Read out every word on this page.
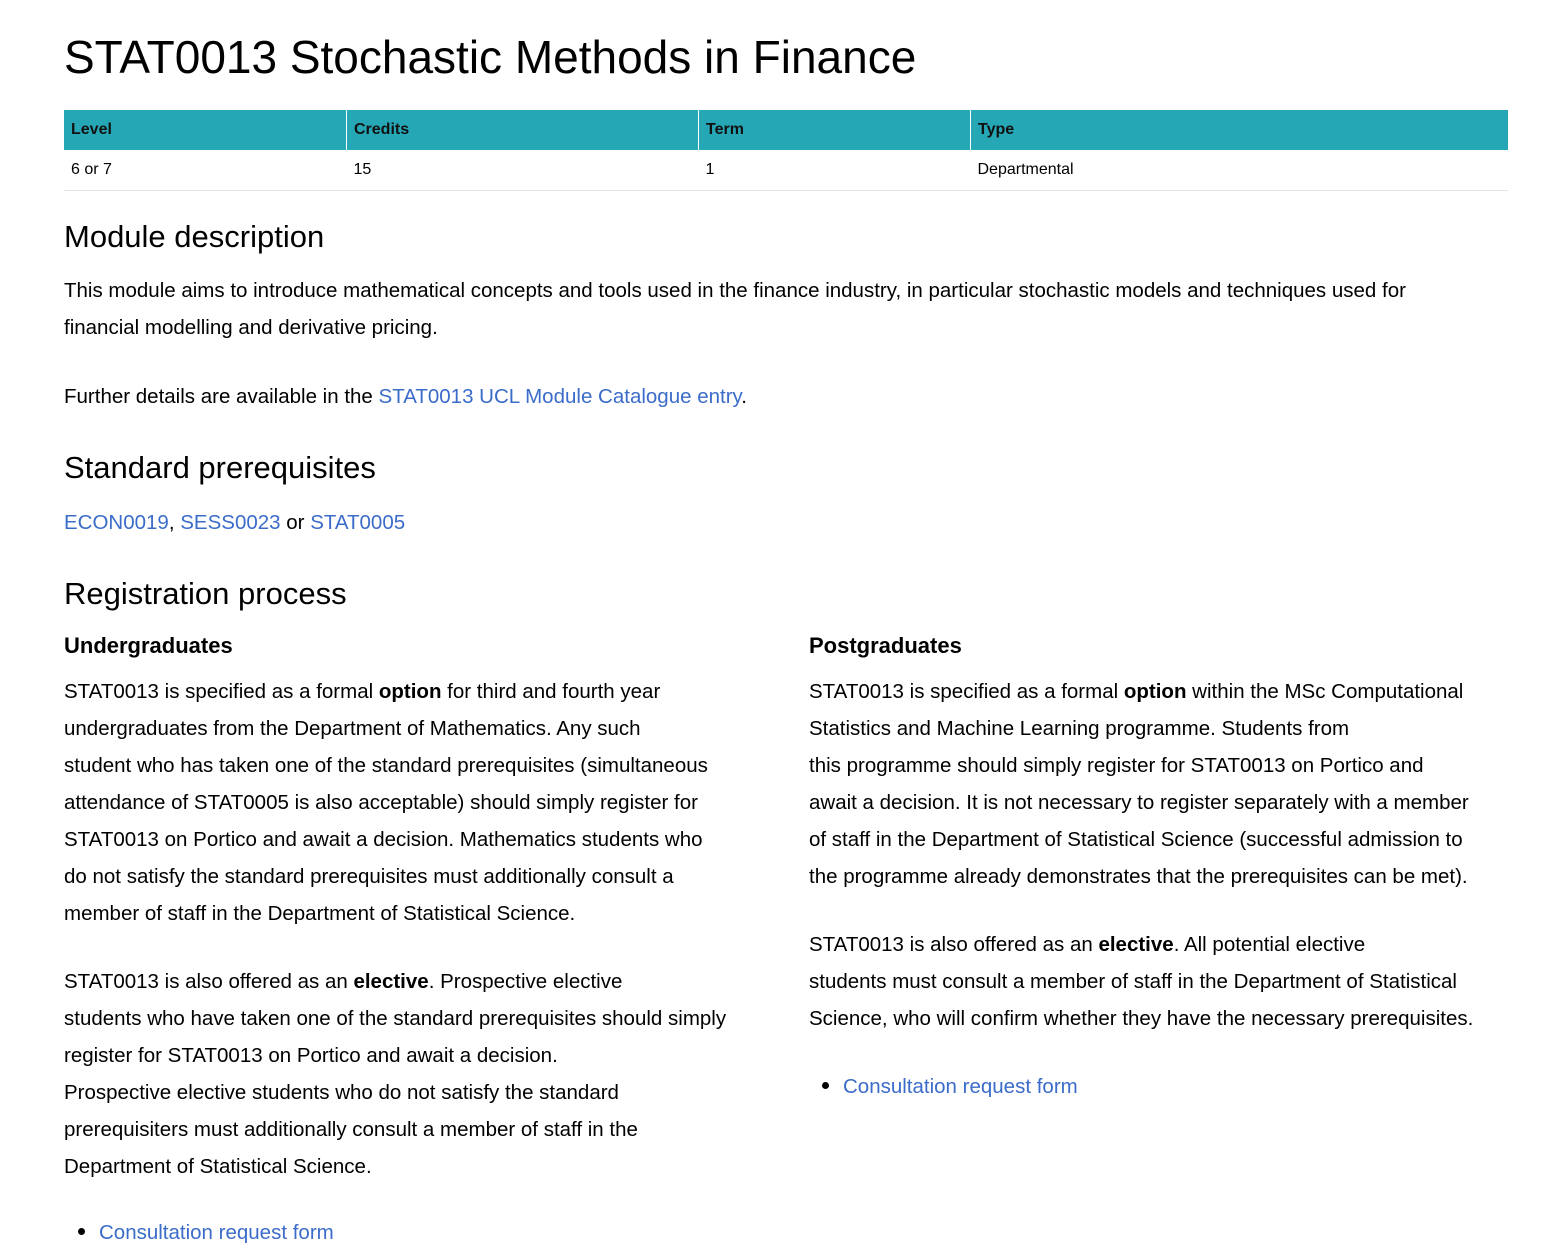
STAT0013 Stochastic Methods in Finance
Level	Credits	Term	Type
6 or 7	15	1	Departmental
Module description
This module aims to introduce mathematical concepts and tools used in the finance industry, in particular stochastic models and techniques used for
financial modelling and derivative pricing.
Further details are available in the STAT0013 UCL Module Catalogue entry.
Standard prerequisites
ECON0019, SESS0023 or STAT0005
Registration process
Undergraduates
STAT0013 is specified as a formal option for third and fourth year
undergraduates from the Department of Mathematics. Any such
student who has taken one of the standard prerequisites (simultaneous
attendance of STAT0005 is also acceptable) should simply register for
STAT0013 on Portico and await a decision. Mathematics students who
do not satisfy the standard prerequisites must additionally consult a
member of staff in the Department of Statistical Science.
STAT0013 is also offered as an elective. Prospective elective
students who have taken one of the standard prerequisites should simply
register for STAT0013 on Portico and await a decision.
Prospective elective students who do not satisfy the standard
prerequisiters must additionally consult a member of staff in the
Department of Statistical Science.
Consultation request form
Postgraduates
STAT0013 is specified as a formal option within the MSc Computational
Statistics and Machine Learning programme. Students from
this programme should simply register for STAT0013 on Portico and
await a decision. It is not necessary to register separately with a member
of staff in the Department of Statistical Science (successful admission to
the programme already demonstrates that the prerequisites can be met).
STAT0013 is also offered as an elective. All potential elective
students must consult a member of staff in the Department of Statistical
Science, who will confirm whether they have the necessary prerequisites.
Consultation request form
